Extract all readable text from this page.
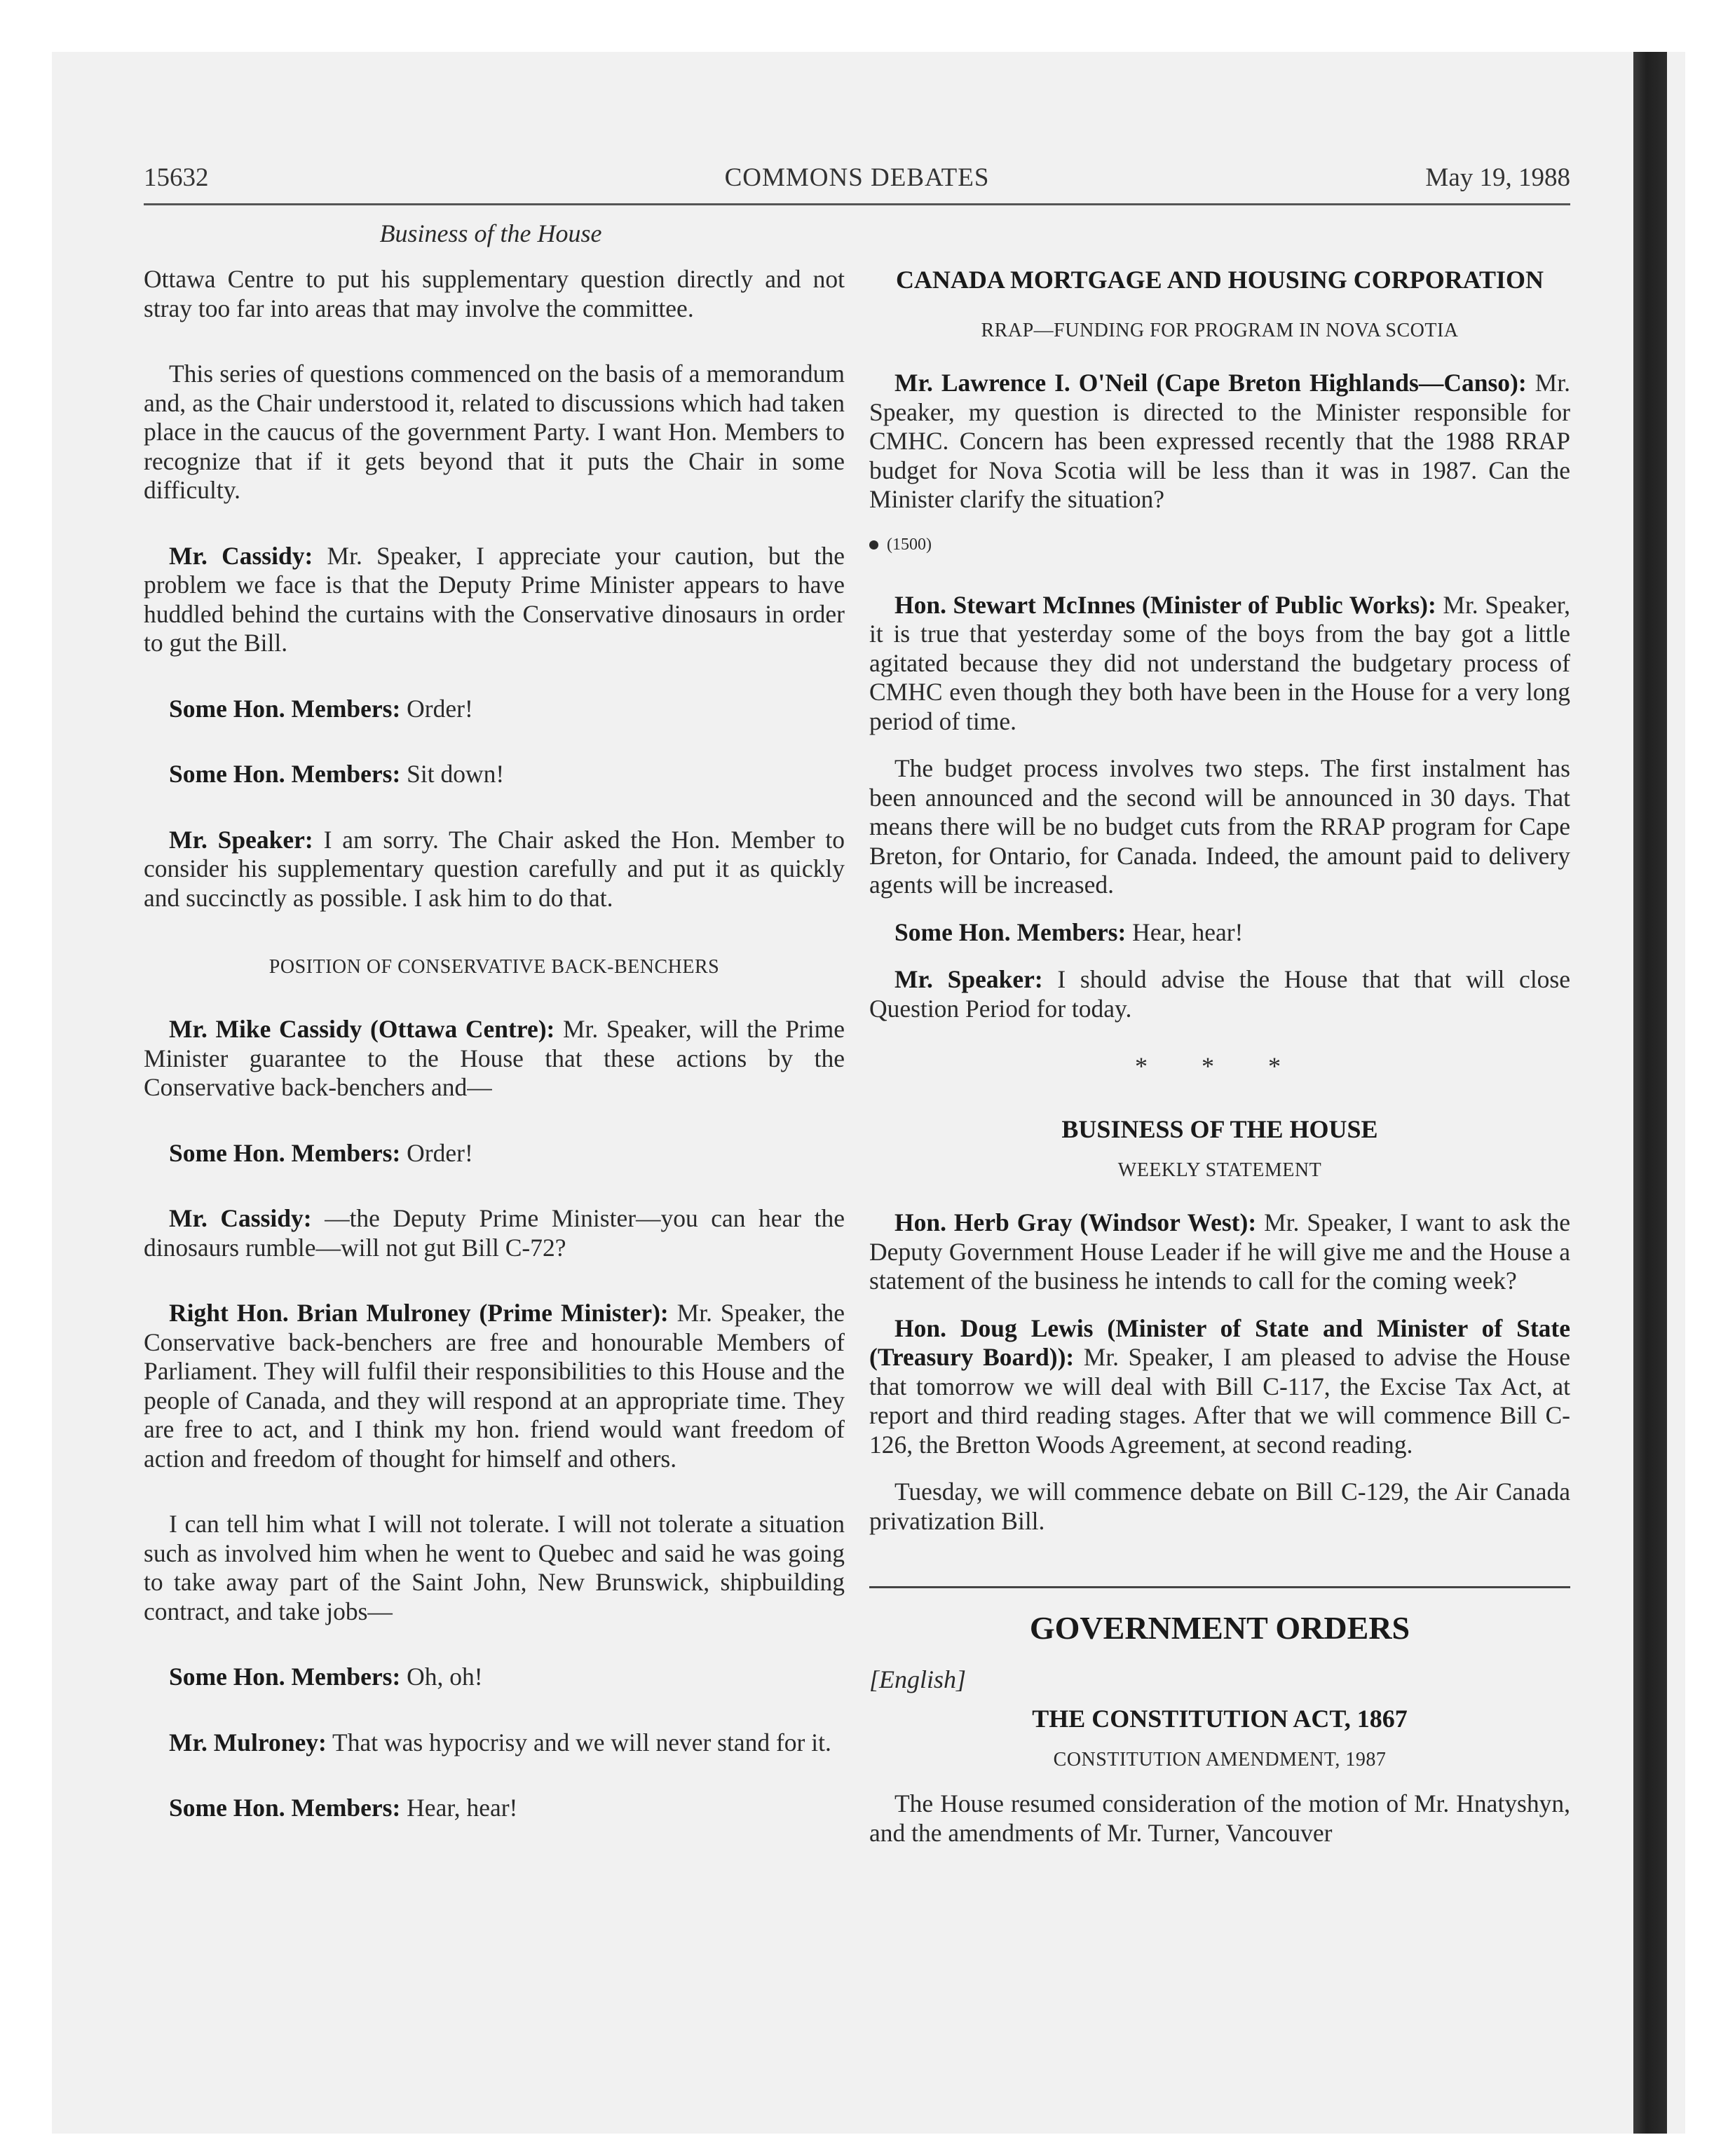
15632	COMMONS DEBATES	May 19, 1988
Business of the House

Ottawa Centre to put his supplementary question directly and not stray too far into areas that may involve the committee.

This series of questions commenced on the basis of a memorandum and, as the Chair understood it, related to discussions which had taken place in the caucus of the government Party. I want Hon. Members to recognize that if it gets beyond that it puts the Chair in some difficulty.

Mr. Cassidy: Mr. Speaker, I appreciate your caution, but the problem we face is that the Deputy Prime Minister appears to have huddled behind the curtains with the Conservative dinosaurs in order to gut the Bill.

Some Hon. Members: Order!

Some Hon. Members: Sit down!

Mr. Speaker: I am sorry. The Chair asked the Hon. Member to consider his supplementary question carefully and put it as quickly and succinctly as possible. I ask him to do that.

POSITION OF CONSERVATIVE BACK-BENCHERS

Mr. Mike Cassidy (Ottawa Centre): Mr. Speaker, will the Prime Minister guarantee to the House that these actions by the Conservative back-benchers and—

Some Hon. Members: Order!

Mr. Cassidy: —the Deputy Prime Minister—you can hear the dinosaurs rumble—will not gut Bill C-72?

Right Hon. Brian Mulroney (Prime Minister): Mr. Speaker, the Conservative back-benchers are free and honourable Members of Parliament. They will fulfil their responsibilities to this House and the people of Canada, and they will respond at an appropriate time. They are free to act, and I think my hon. friend would want freedom of action and freedom of thought for himself and others.

I can tell him what I will not tolerate. I will not tolerate a situation such as involved him when he went to Quebec and said he was going to take away part of the Saint John, New Brunswick, shipbuilding contract, and take jobs—

Some Hon. Members: Oh, oh!

Mr. Mulroney: That was hypocrisy and we will never stand for it.

Some Hon. Members: Hear, hear!

CANADA MORTGAGE AND HOUSING CORPORATION
RRAP—FUNDING FOR PROGRAM IN NOVA SCOTIA

Mr. Lawrence I. O'Neil (Cape Breton Highlands—Canso): Mr. Speaker, my question is directed to the Minister responsible for CMHC. Concern has been expressed recently that the 1988 RRAP budget for Nova Scotia will be less than it was in 1987. Can the Minister clarify the situation?

(1500)

Hon. Stewart McInnes (Minister of Public Works): Mr. Speaker, it is true that yesterday some of the boys from the bay got a little agitated because they did not understand the budgetary process of CMHC even though they both have been in the House for a very long period of time.

The budget process involves two steps. The first instalment has been announced and the second will be announced in 30 days. That means there will be no budget cuts from the RRAP program for Cape Breton, for Ontario, for Canada. Indeed, the amount paid to delivery agents will be increased.

Some Hon. Members: Hear, hear!

Mr. Speaker: I should advise the House that that will close Question Period for today.

* * *
BUSINESS OF THE HOUSE
WEEKLY STATEMENT

Hon. Herb Gray (Windsor West): Mr. Speaker, I want to ask the Deputy Government House Leader if he will give me and the House a statement of the business he intends to call for the coming week?

Hon. Doug Lewis (Minister of State and Minister of State (Treasury Board)): Mr. Speaker, I am pleased to advise the House that tomorrow we will deal with Bill C-117, the Excise Tax Act, at report and third reading stages. After that we will commence Bill C-126, the Bretton Woods Agreement, at second reading.

Tuesday, we will commence debate on Bill C-129, the Air Canada privatization Bill.

GOVERNMENT ORDERS
[English]
THE CONSTITUTION ACT, 1867
CONSTITUTION AMENDMENT, 1987

The House resumed consideration of the motion of Mr. Hnatyshyn, and the amendments of Mr. Turner, Vancouver
